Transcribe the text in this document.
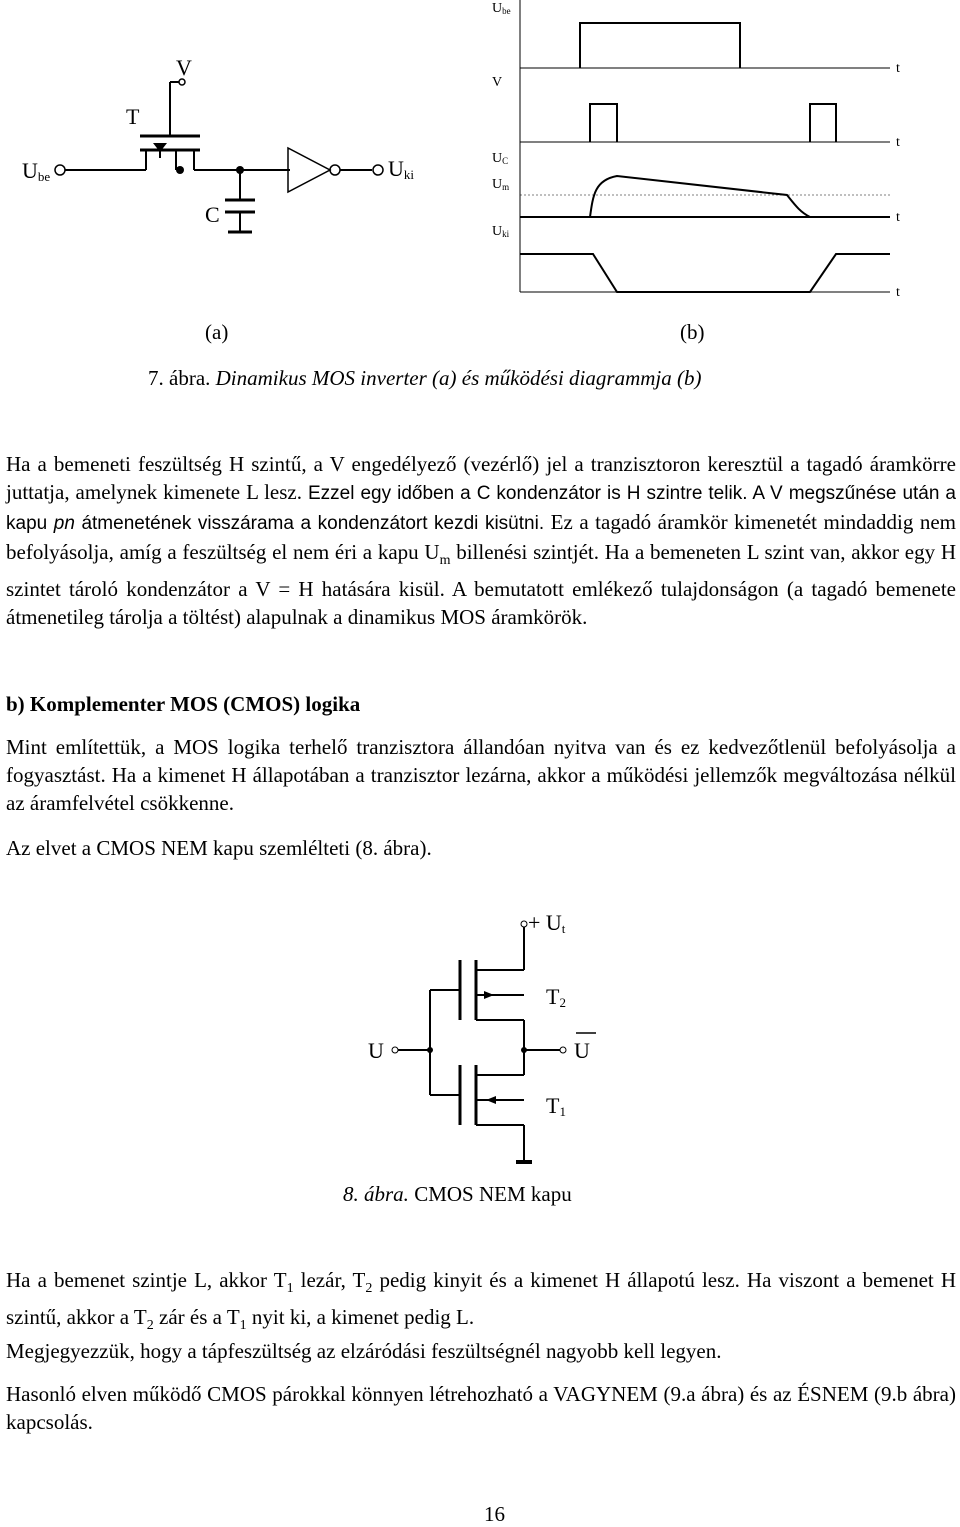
Ube
T
V
C
Uki
Ube
V
UC
Um
Uki
t
t
t
t
(a)	(b)
7. ábra. Dinamikus MOS inverter (a) és működési diagrammja (b)
Ha a bemeneti feszültség H szintű, a V engedélyező (vezérlő) jel a tranzisztoron keresztül a tagadó áramkörre juttatja, amelynek kimenete L lesz. Ezzel egy időben a C kondenzátor is H szintre telik. A V megszűnése után a kapu pn átmenetének visszárama a kondenzátort kezdi kisütni. Ez a tagadó áramkör kimenetét mindaddig nem befolyásolja, amíg a feszültség el nem éri a kapu $U_m$ billenési szintjét. Ha a bemeneten L szint van, akkor egy H szintet tároló kondenzátor a V = H hatására kisül. A bemutatott emlékező tulajdonságon (a tagadó bemenete átmenetileg tárolja a töltést) alapulnak a dinamikus MOS áramkörök.
b) Komplementer MOS (CMOS) logika
Mint említettük, a MOS logika terhelő tranzisztora állandóan nyitva van és ez kedvezőtlenül befolyásolja a fogyasztást. Ha a kimenet H állapotában a tranzisztor lezárna, akkor a működési jellemzők megváltozása nélkül az áramfelvétel csökkenne.
Az elvet a CMOS NEM kapu szemlélteti (8. ábra).
+ Ut
T2
U	U
T1
8. ábra. CMOS NEM kapu
Ha a bemenet szintje L, akkor $T_1$ lezár, $T_2$ pedig kinyit és a kimenet H állapotú lesz. Ha viszont a bemenet H szintű, akkor a $T_2$ zár és a $T_1$ nyit ki, a kimenet pedig L.
Megjegyezzük, hogy a tápfeszültség az elzáródási feszültségnél nagyobb kell legyen.
Hasonló elven működő CMOS párokkal könnyen létrehozható a VAGYNEM (9.a ábra) és az ÉSNEM (9.b ábra) kapcsolás.
16
